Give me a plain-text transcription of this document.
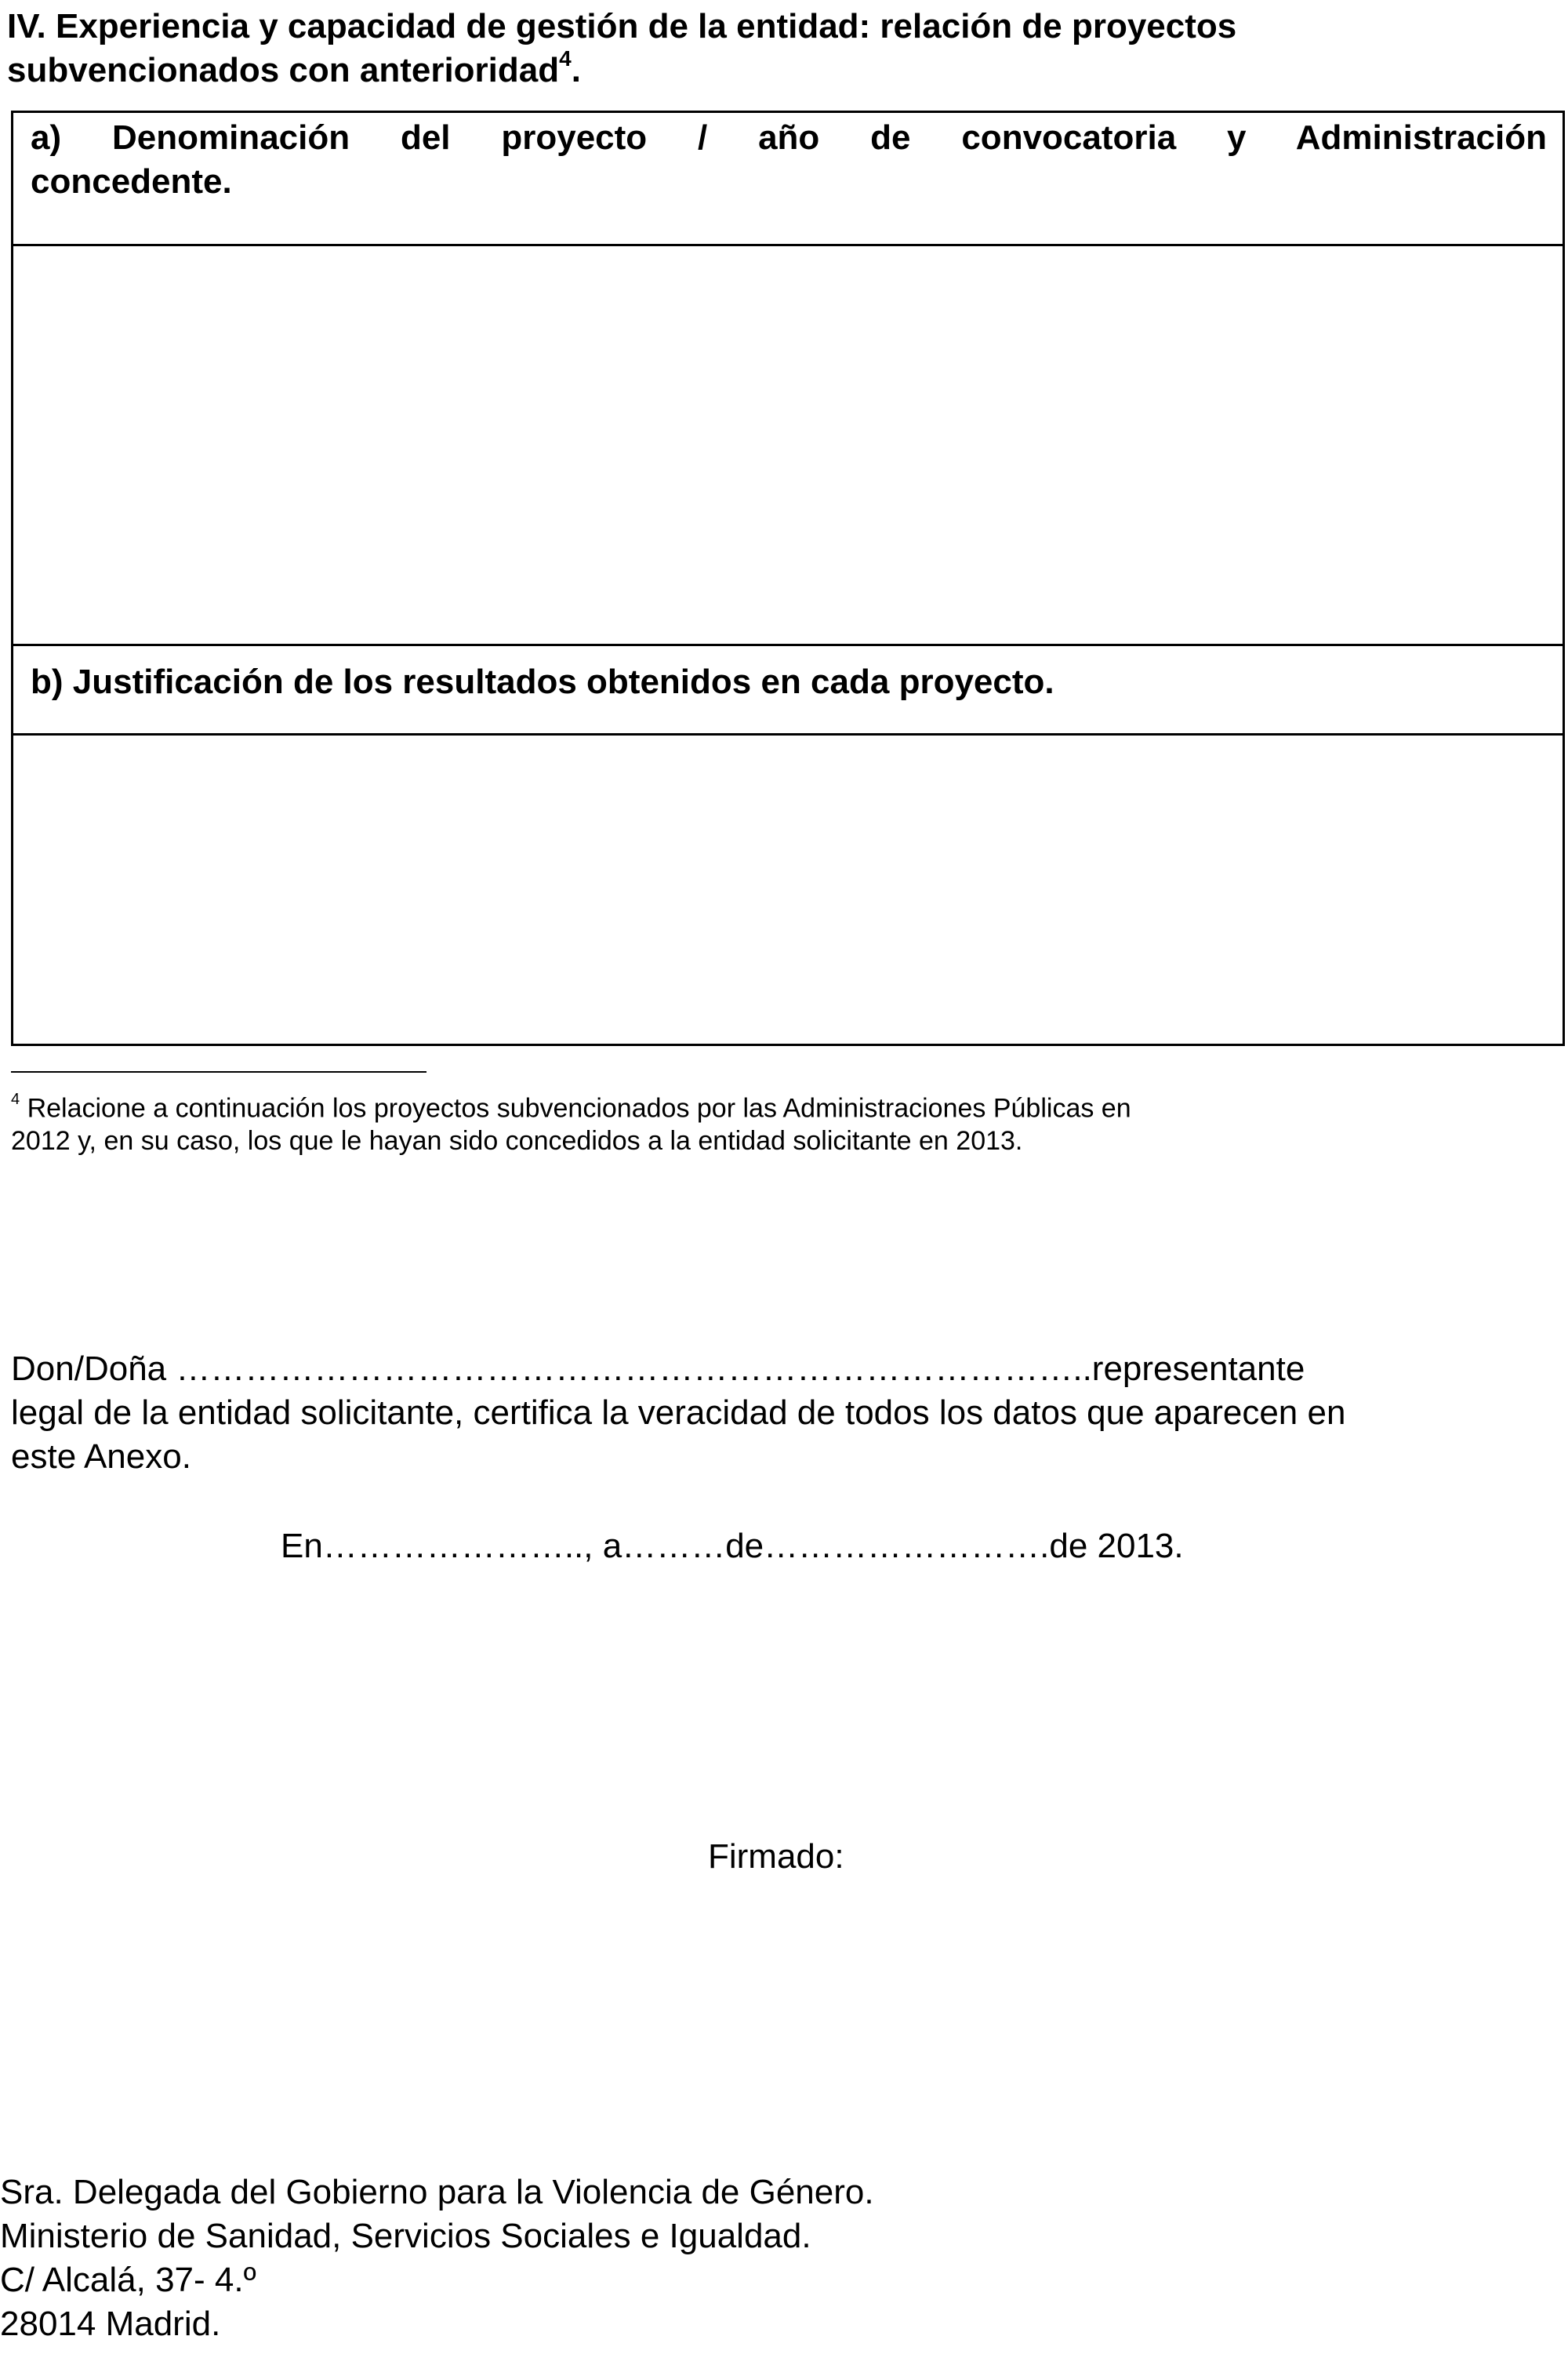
IV. Experiencia y capacidad de gestión de la entidad: relación de proyectos
subvencionados con anterioridad$^4$.
a) Denominación del proyecto / año de convocatoria y Administración
concedente.
b) Justificación de los resultados obtenidos en cada proyecto.
$^4$ Relacione a continuación los proyectos subvencionados por las Administraciones Públicas en
2012 y, en su caso, los que le hayan sido concedidos a la entidad solicitante en 2013.
Don/Doña ……………………………………………………………………..representante
legal de la entidad solicitante, certifica la veracidad de todos los datos que aparecen en
este Anexo.
En………………….., a………de…………………….de 2013.
Firmado:
Sra. Delegada del Gobierno para la Violencia de Género.
Ministerio de Sanidad, Servicios Sociales e Igualdad.
C/ Alcalá, 37- 4.º
28014 Madrid.
